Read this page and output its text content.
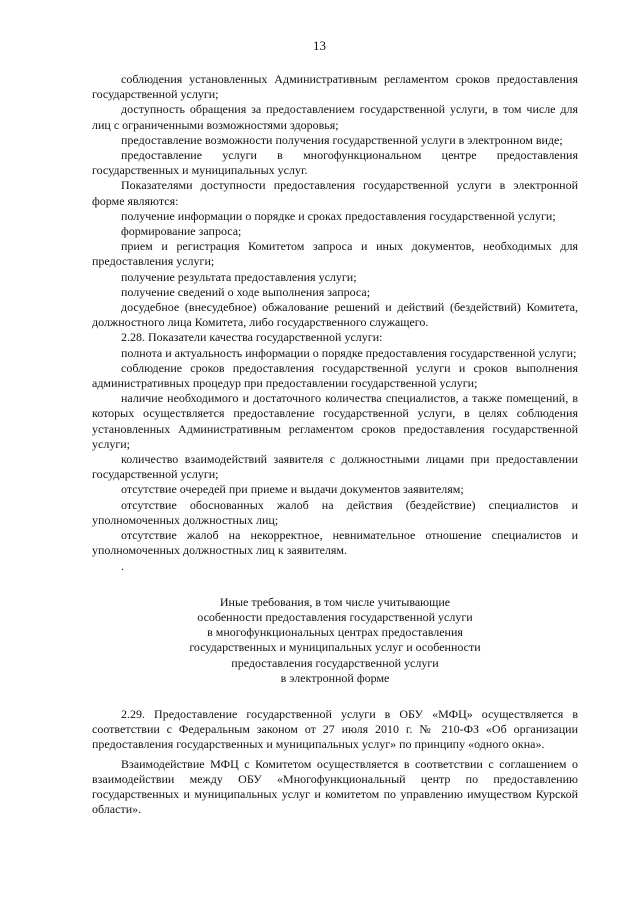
13

соблюдения установленных Административным регламентом сроков предоставления государственной услуги;

доступность обращения за предоставлением государственной услуги, в том числе для лиц с ограниченными возможностями здоровья;

предоставление возможности получения государственной услуги в электронном виде;

предоставление услуги в многофункциональном центре предоставления государственных и муниципальных услуг.

Показателями доступности предоставления государственной услуги в электронной форме являются:

получение информации о порядке и сроках предоставления государственной услуги;

формирование запроса;

прием и регистрация Комитетом запроса и иных документов, необходимых для предоставления услуги;

получение результата предоставления услуги;

получение сведений о ходе выполнения запроса;

досудебное (внесудебное) обжалование решений и действий (бездействий) Комитета, должностного лица Комитета, либо государственного служащего.

2.28. Показатели качества государственной услуги:

полнота и актуальность информации о порядке предоставления государственной услуги;

соблюдение сроков предоставления государственной услуги и сроков выполнения административных процедур при предоставлении государственной услуги;

наличие необходимого и достаточного количества специалистов, а также помещений, в которых осуществляется предоставление государственной услуги, в целях соблюдения установленных Административным регламентом сроков предоставления государственной услуги;

количество взаимодействий заявителя с должностными лицами при предоставлении государственной услуги;

отсутствие очередей при приеме и выдачи документов заявителям;

отсутствие обоснованных жалоб на действия (бездействие) специалистов и уполномоченных должностных лиц;

отсутствие жалоб на некорректное, невнимательное отношение специалистов и уполномоченных должностных лиц к заявителям.

.

Иные требования, в том числе учитывающие
особенности предоставления государственной услуги
в многофункциональных центрах предоставления
государственных и муниципальных услуг и особенности
предоставления государственной услуги
в электронной форме

2.29. Предоставление государственной услуги в ОБУ «МФЦ» осуществляется в соответствии с Федеральным законом от 27 июля 2010 г. № 210-ФЗ «Об организации предоставления государственных и муниципальных услуг» по принципу «одного окна».

Взаимодействие МФЦ с Комитетом осуществляется в соответствии с соглашением о взаимодействии между ОБУ «Многофункциональный центр по предоставлению государственных и муниципальных услуг и комитетом по управлению имуществом Курской области».
